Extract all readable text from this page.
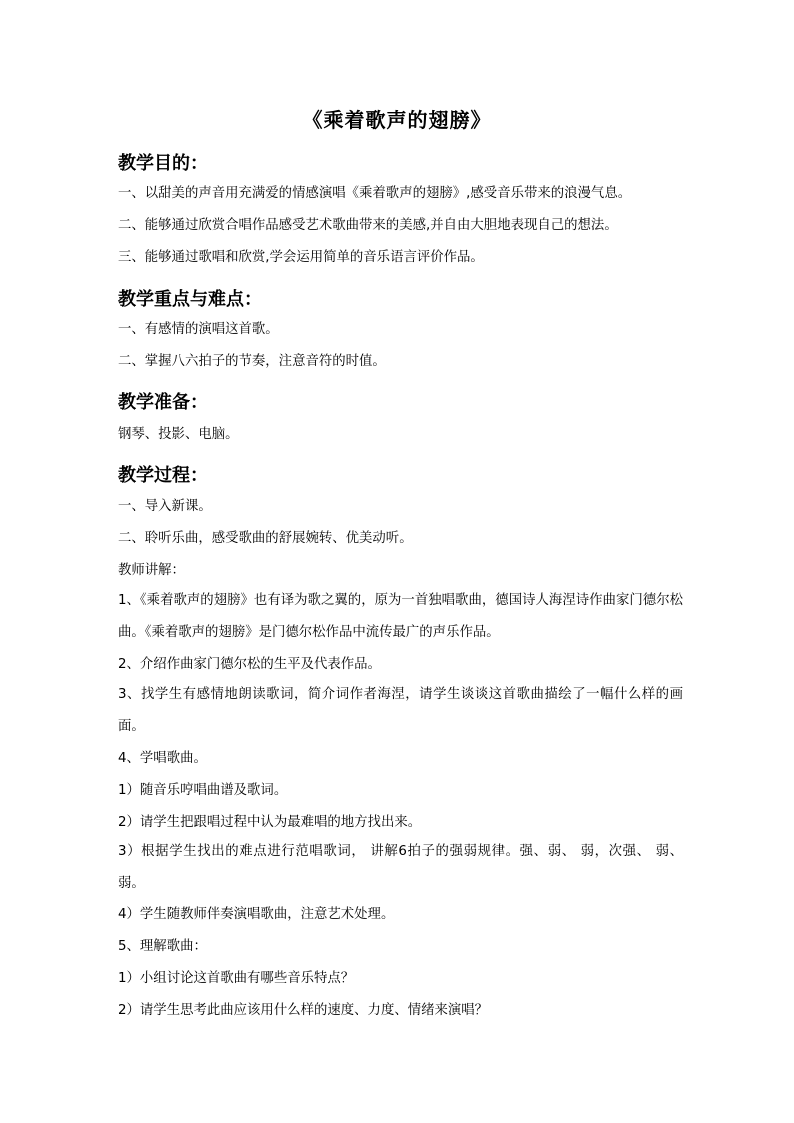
《乘着歌声的翅膀》
教学目的：
一、以甜美的声音用充满爱的情感演唱《乘着歌声的翅膀》,感受音乐带来的浪漫气息。
二、能够通过欣赏合唱作品感受艺术歌曲带来的美感,并自由大胆地表现自己的想法。
三、能够通过歌唱和欣赏,学会运用简单的音乐语言评价作品。
教学重点与难点：
一、有感情的演唱这首歌。
二、掌握八六拍子的节奏，注意音符的时值。
教学准备：
钢琴、投影、电脑。
教学过程：
一、导入新课。
二、聆听乐曲，感受歌曲的舒展婉转、优美动听。
教师讲解：
1、《乘着歌声的翅膀》也有译为歌之翼的，原为一首独唱歌曲，德国诗人海涅诗作曲家门德尔松曲。《乘着歌声的翅膀》是门德尔松作品中流传最广的声乐作品。
2、介绍作曲家门德尔松的生平及代表作品。
3、找学生有感情地朗读歌词，简介词作者海涅，请学生谈谈这首歌曲描绘了一幅什么样的画面。
4、学唱歌曲。
1）随音乐哼唱曲谱及歌词。
2）请学生把跟唱过程中认为最难唱的地方找出来。
3）根据学生找出的难点进行范唱歌词， 讲解6拍子的强弱规律。强、弱、 弱，次强、 弱、弱。
4）学生随教师伴奏演唱歌曲，注意艺术处理。
5、理解歌曲：
1）小组讨论这首歌曲有哪些音乐特点？
2）请学生思考此曲应该用什么样的速度、力度、情绪来演唱？
